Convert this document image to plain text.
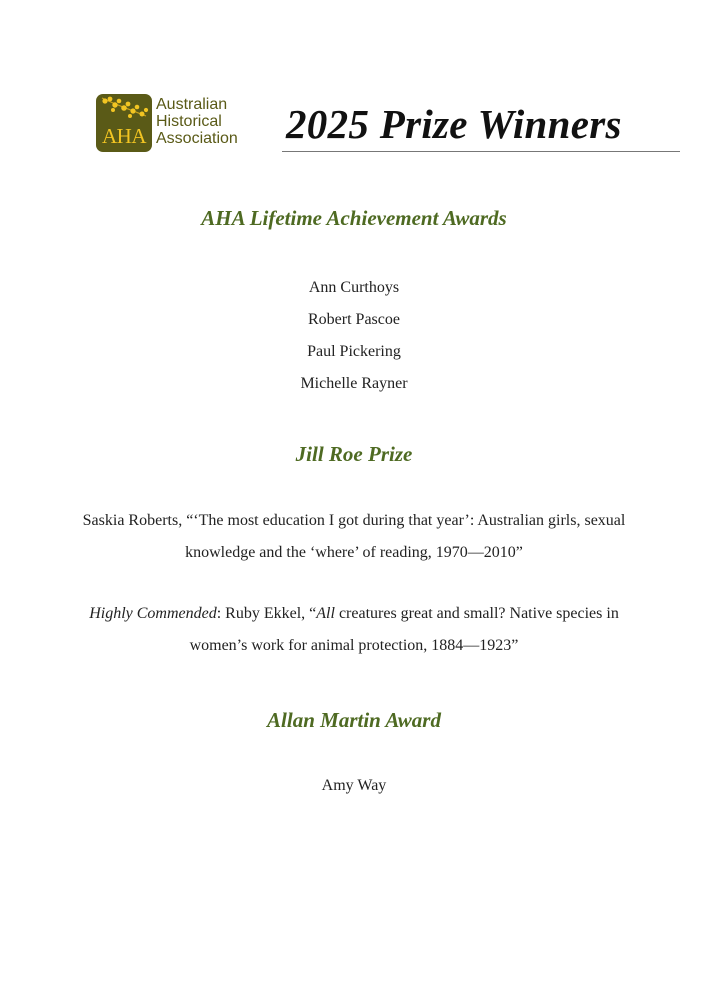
AHA
Australian
Historical
Association	2025 Prize Winners
AHA Lifetime Achievement Awards
Ann Curthoys
Robert Pascoe
Paul Pickering
Michelle Rayner
Jill Roe Prize

Saskia Roberts, “‘The most education I got during that year’: Australian girls, sexual knowledge and the ‘where’ of reading, 1970—2010”

Highly Commended: Ruby Ekkel, “All creatures great and small? Native species in women’s work for animal protection, 1884—1923”

Allan Martin Award
Amy Way
